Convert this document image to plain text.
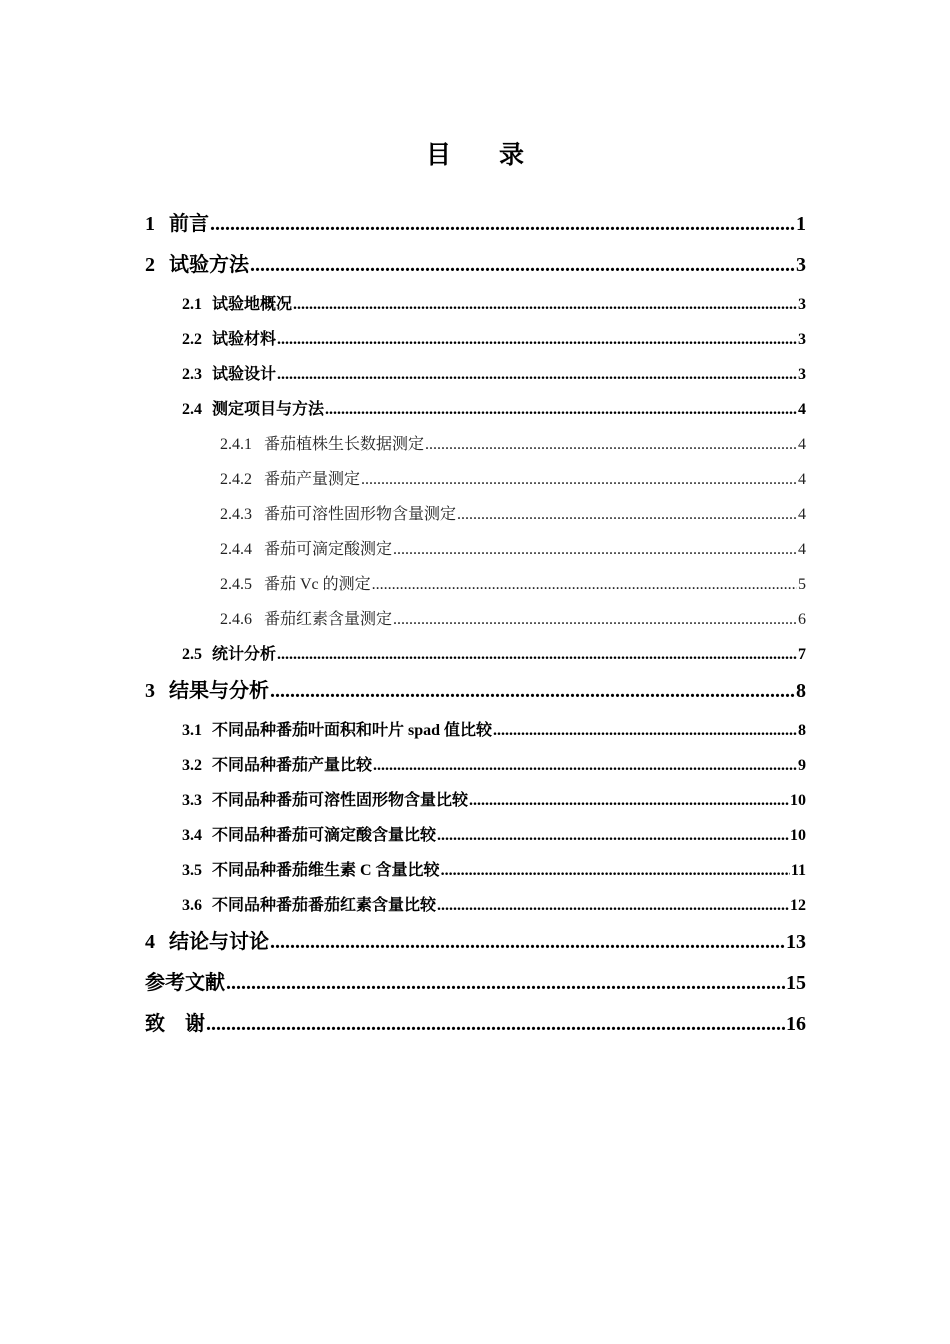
目录
1 前言 .....	1
2 试验方法 .....	3
2.1 试验地概况 .....	3
2.2 试验材料 .....	3
2.3 试验设计 .....	3
2.4 测定项目与方法 .....	4
2.4.1 番茄植株生长数据测定 .....	4
2.4.2 番茄产量测定 .....	4
2.4.3 番茄可溶性固形物含量测定 .....	4
2.4.4 番茄可滴定酸测定 .....	4
2.4.5 番茄 Vc 的测定 .....	5
2.4.6 番茄红素含量测定 .....	6
2.5 统计分析 .....	7
3 结果与分析 .....	8
3.1 不同品种番茄叶面积和叶片 spad 值比较 .....	8
3.2 不同品种番茄产量比较 .....	9
3.3 不同品种番茄可溶性固形物含量比较 .....	10
3.4 不同品种番茄可滴定酸含量比较 .....	10
3.5 不同品种番茄维生素 C 含量比较 .....	11
3.6 不同品种番茄番茄红素含量比较 .....	12
4 结论与讨论 .....	13
参考文献 .....	15
致　谢 .....	16
